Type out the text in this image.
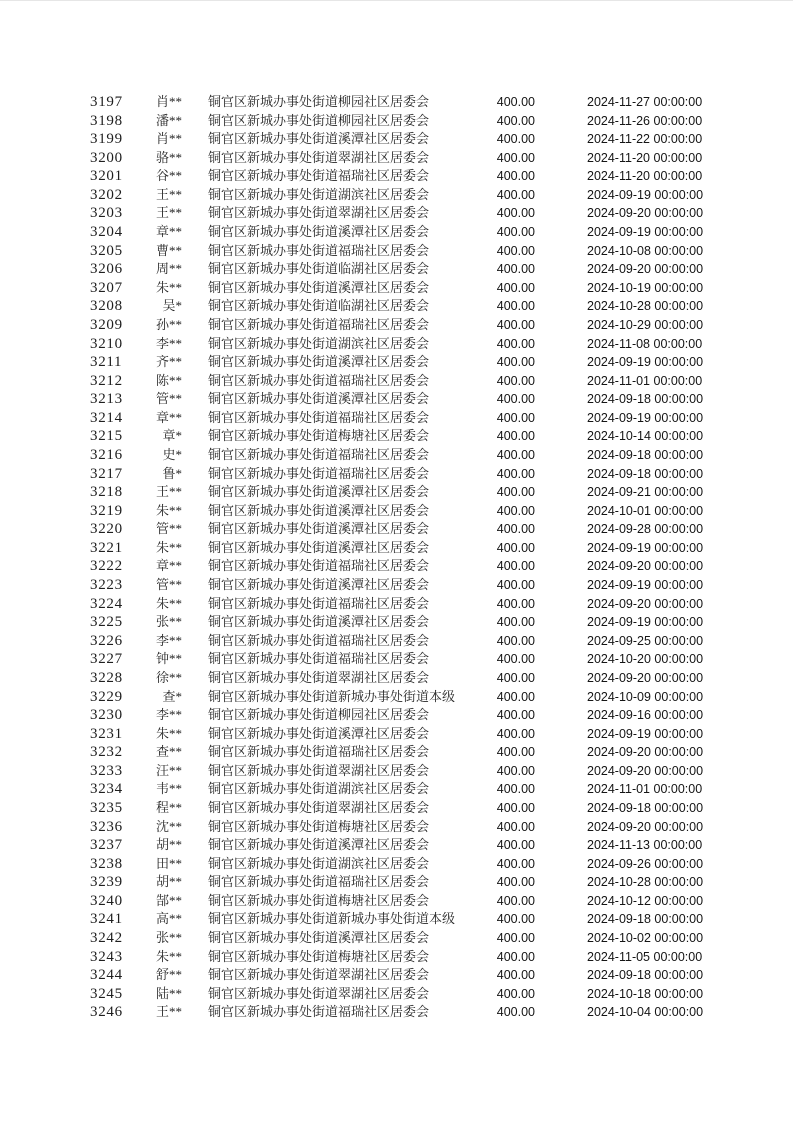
3197	肖** 铜官区新城办事处街道柳园社区居委会	400.00	2024-11-27 00:00:00
3198	潘** 铜官区新城办事处街道柳园社区居委会	400.00	2024-11-26 00:00:00
3199	肖** 铜官区新城办事处街道溪潭社区居委会	400.00	2024-11-22 00:00:00
3200	骆** 铜官区新城办事处街道翠湖社区居委会	400.00	2024-11-20 00:00:00
3201	谷** 铜官区新城办事处街道福瑞社区居委会	400.00	2024-11-20 00:00:00
3202	王** 铜官区新城办事处街道湖滨社区居委会	400.00	2024-09-19 00:00:00
3203	王** 铜官区新城办事处街道翠湖社区居委会	400.00	2024-09-20 00:00:00
3204	章** 铜官区新城办事处街道溪潭社区居委会	400.00	2024-09-19 00:00:00
3205	曹** 铜官区新城办事处街道福瑞社区居委会	400.00	2024-10-08 00:00:00
3206	周** 铜官区新城办事处街道临湖社区居委会	400.00	2024-09-20 00:00:00
3207	朱** 铜官区新城办事处街道溪潭社区居委会	400.00	2024-10-19 00:00:00
3208	吴* 铜官区新城办事处街道临湖社区居委会	400.00	2024-10-28 00:00:00
3209	孙** 铜官区新城办事处街道福瑞社区居委会	400.00	2024-10-29 00:00:00
3210	李** 铜官区新城办事处街道湖滨社区居委会	400.00	2024-11-08 00:00:00
3211	齐** 铜官区新城办事处街道溪潭社区居委会	400.00	2024-09-19 00:00:00
3212	陈** 铜官区新城办事处街道福瑞社区居委会	400.00	2024-11-01 00:00:00
3213	管** 铜官区新城办事处街道溪潭社区居委会	400.00	2024-09-18 00:00:00
3214	章** 铜官区新城办事处街道福瑞社区居委会	400.00	2024-09-19 00:00:00
3215	章* 铜官区新城办事处街道梅塘社区居委会	400.00	2024-10-14 00:00:00
3216	史* 铜官区新城办事处街道福瑞社区居委会	400.00	2024-09-18 00:00:00
3217	鲁* 铜官区新城办事处街道福瑞社区居委会	400.00	2024-09-18 00:00:00
3218	王** 铜官区新城办事处街道溪潭社区居委会	400.00	2024-09-21 00:00:00
3219	朱** 铜官区新城办事处街道溪潭社区居委会	400.00	2024-10-01 00:00:00
3220	管** 铜官区新城办事处街道溪潭社区居委会	400.00	2024-09-28 00:00:00
3221	朱** 铜官区新城办事处街道溪潭社区居委会	400.00	2024-09-19 00:00:00
3222	章** 铜官区新城办事处街道福瑞社区居委会	400.00	2024-09-20 00:00:00
3223	管** 铜官区新城办事处街道溪潭社区居委会	400.00	2024-09-19 00:00:00
3224	朱** 铜官区新城办事处街道福瑞社区居委会	400.00	2024-09-20 00:00:00
3225	张** 铜官区新城办事处街道溪潭社区居委会	400.00	2024-09-19 00:00:00
3226	李** 铜官区新城办事处街道福瑞社区居委会	400.00	2024-09-25 00:00:00
3227	钟** 铜官区新城办事处街道福瑞社区居委会	400.00	2024-10-20 00:00:00
3228	徐** 铜官区新城办事处街道翠湖社区居委会	400.00	2024-09-20 00:00:00
3229	查* 铜官区新城办事处街道新城办事处街道本级	400.00	2024-10-09 00:00:00
3230	李** 铜官区新城办事处街道柳园社区居委会	400.00	2024-09-16 00:00:00
3231	朱** 铜官区新城办事处街道溪潭社区居委会	400.00	2024-09-19 00:00:00
3232	查** 铜官区新城办事处街道福瑞社区居委会	400.00	2024-09-20 00:00:00
3233	汪** 铜官区新城办事处街道翠湖社区居委会	400.00	2024-09-20 00:00:00
3234	韦** 铜官区新城办事处街道湖滨社区居委会	400.00	2024-11-01 00:00:00
3235	程** 铜官区新城办事处街道翠湖社区居委会	400.00	2024-09-18 00:00:00
3236	沈** 铜官区新城办事处街道梅塘社区居委会	400.00	2024-09-20 00:00:00
3237	胡** 铜官区新城办事处街道溪潭社区居委会	400.00	2024-11-13 00:00:00
3238	田** 铜官区新城办事处街道湖滨社区居委会	400.00	2024-09-26 00:00:00
3239	胡** 铜官区新城办事处街道福瑞社区居委会	400.00	2024-10-28 00:00:00
3240	郜** 铜官区新城办事处街道梅塘社区居委会	400.00	2024-10-12 00:00:00
3241	高** 铜官区新城办事处街道新城办事处街道本级	400.00	2024-09-18 00:00:00
3242	张** 铜官区新城办事处街道溪潭社区居委会	400.00	2024-10-02 00:00:00
3243	朱** 铜官区新城办事处街道梅塘社区居委会	400.00	2024-11-05 00:00:00
3244	舒** 铜官区新城办事处街道翠湖社区居委会	400.00	2024-09-18 00:00:00
3245	陆** 铜官区新城办事处街道翠湖社区居委会	400.00	2024-10-18 00:00:00
3246	王** 铜官区新城办事处街道福瑞社区居委会	400.00	2024-10-04 00:00:00
